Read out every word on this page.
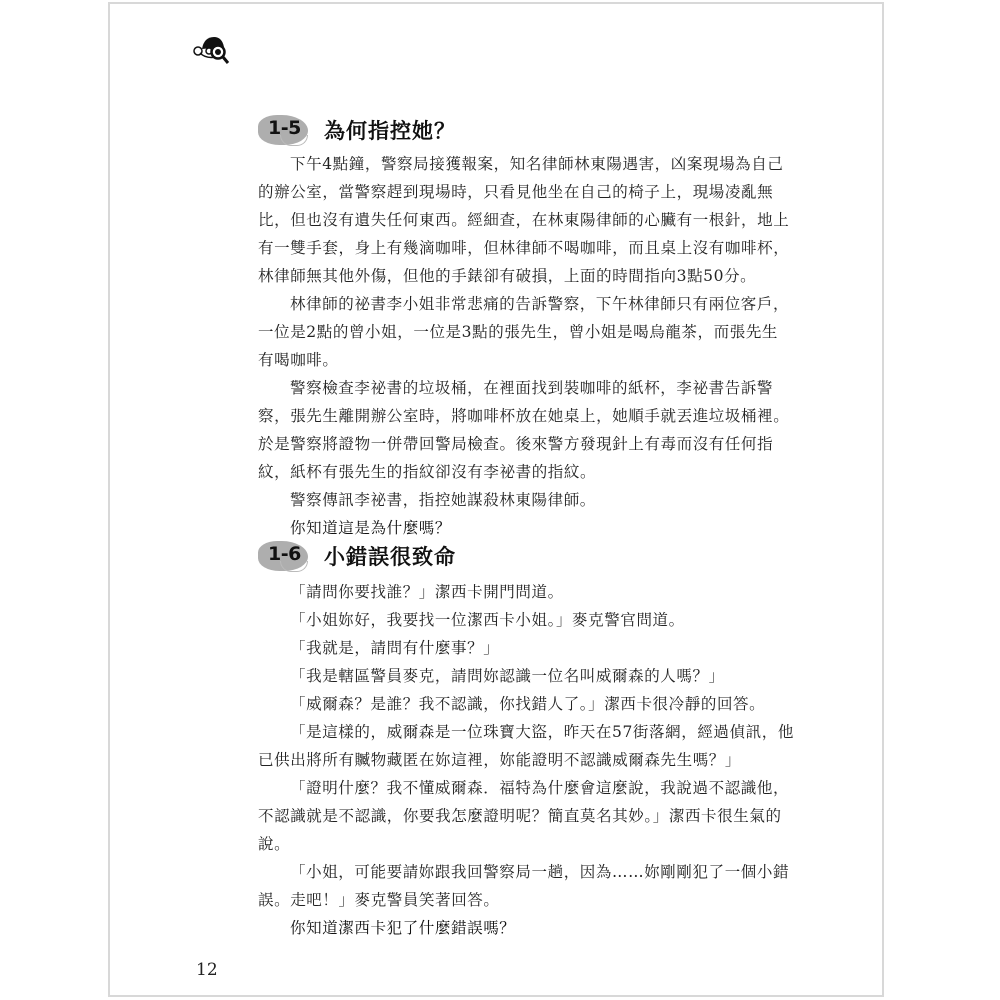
1-5 為何指控她？
下午4點鐘，警察局接獲報案，知名律師林東陽遇害，凶案現場為自己
的辦公室，當警察趕到現場時，只看見他坐在自己的椅子上，現場凌亂無
比，但也沒有遺失任何東西。經細查，在林東陽律師的心臟有一根針，地上
有一雙手套，身上有幾滴咖啡，但林律師不喝咖啡，而且桌上沒有咖啡杯，
林律師無其他外傷，但他的手錶卻有破損，上面的時間指向3點50分。
林律師的祕書李小姐非常悲痛的告訴警察，下午林律師只有兩位客戶，
一位是2點的曾小姐，一位是3點的張先生，曾小姐是喝烏龍茶，而張先生
有喝咖啡。
警察檢查李祕書的垃圾桶，在裡面找到裝咖啡的紙杯，李祕書告訴警
察，張先生離開辦公室時，將咖啡杯放在她桌上，她順手就丟進垃圾桶裡。
於是警察將證物一併帶回警局檢查。後來警方發現針上有毒而沒有任何指
紋，紙杯有張先生的指紋卻沒有李祕書的指紋。
警察傳訊李祕書，指控她謀殺林東陽律師。
你知道這是為什麼嗎？
1-6 小錯誤很致命
「請問你要找誰？」潔西卡開門問道。
「小姐妳好，我要找一位潔西卡小姐。」麥克警官問道。
「我就是，請問有什麼事？」
「我是轄區警員麥克，請問妳認識一位名叫威爾森的人嗎？」
「威爾森？是誰？我不認識，你找錯人了。」潔西卡很冷靜的回答。
「是這樣的，威爾森是一位珠寶大盜，昨天在57街落網，經過偵訊，他
已供出將所有贓物藏匿在妳這裡，妳能證明不認識威爾森先生嗎？」
「證明什麼？我不懂威爾森．福特為什麼會這麼說，我說過不認識他，
不認識就是不認識，你要我怎麼證明呢？簡直莫名其妙。」潔西卡很生氣的
說。
「小姐，可能要請妳跟我回警察局一趟，因為……妳剛剛犯了一個小錯
誤。走吧！」麥克警員笑著回答。
你知道潔西卡犯了什麼錯誤嗎？
12
